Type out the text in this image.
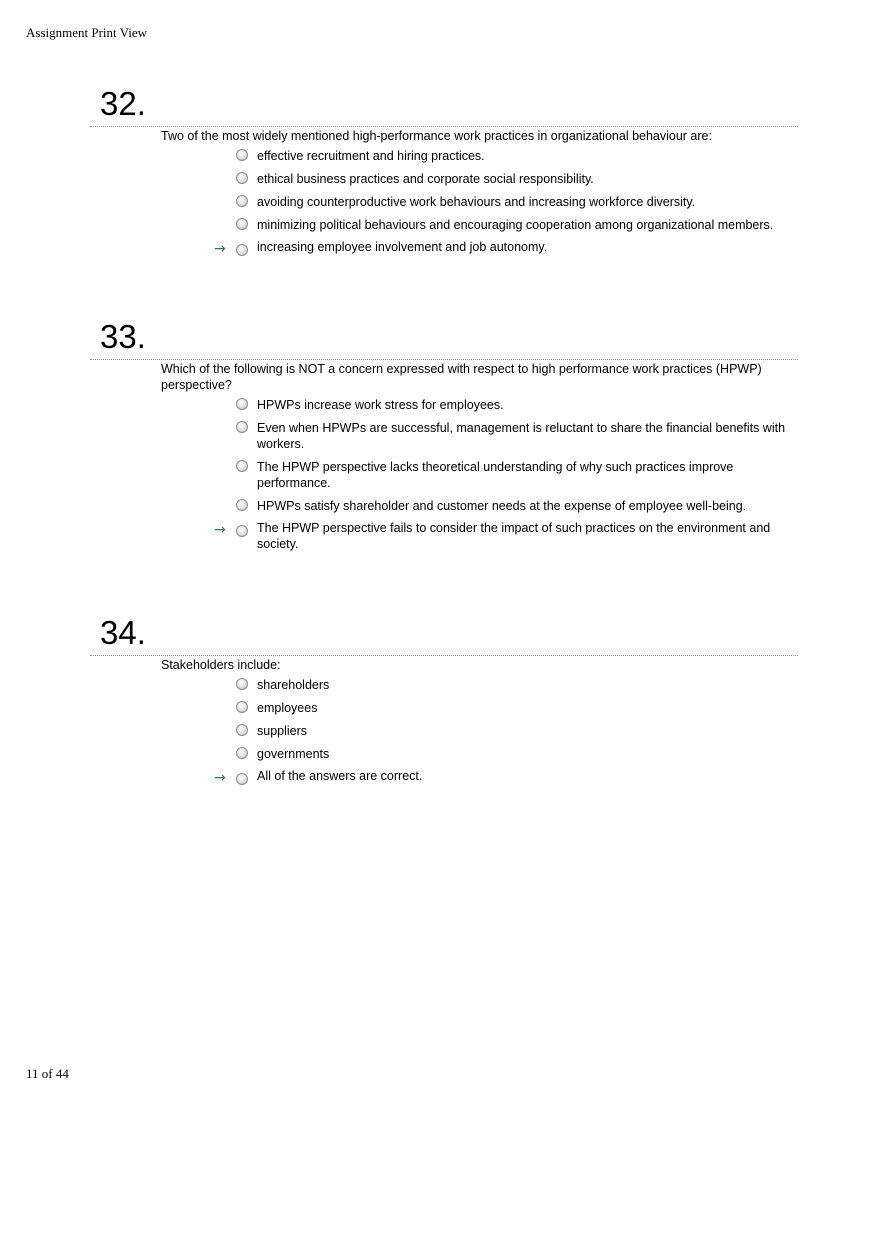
Assignment Print View
32.
Two of the most widely mentioned high-performance work practices in organizational behaviour are:
effective recruitment and hiring practices.
ethical business practices and corporate social responsibility.
avoiding counterproductive work behaviours and increasing workforce diversity.
minimizing political behaviours and encouraging cooperation among organizational members.
→	increasing employee involvement and job autonomy.
33.
Which of the following is NOT a concern expressed with respect to high performance work practices (HPWP) perspective?
HPWPs increase work stress for employees.
Even when HPWPs are successful, management is reluctant to share the financial benefits with workers.
The HPWP perspective lacks theoretical understanding of why such practices improve performance.
HPWPs satisfy shareholder and customer needs at the expense of employee well-being.
→	The HPWP perspective fails to consider the impact of such practices on the environment and society.
34.
Stakeholders include:
shareholders
employees
suppliers
governments
→	All of the answers are correct.
11 of 44
